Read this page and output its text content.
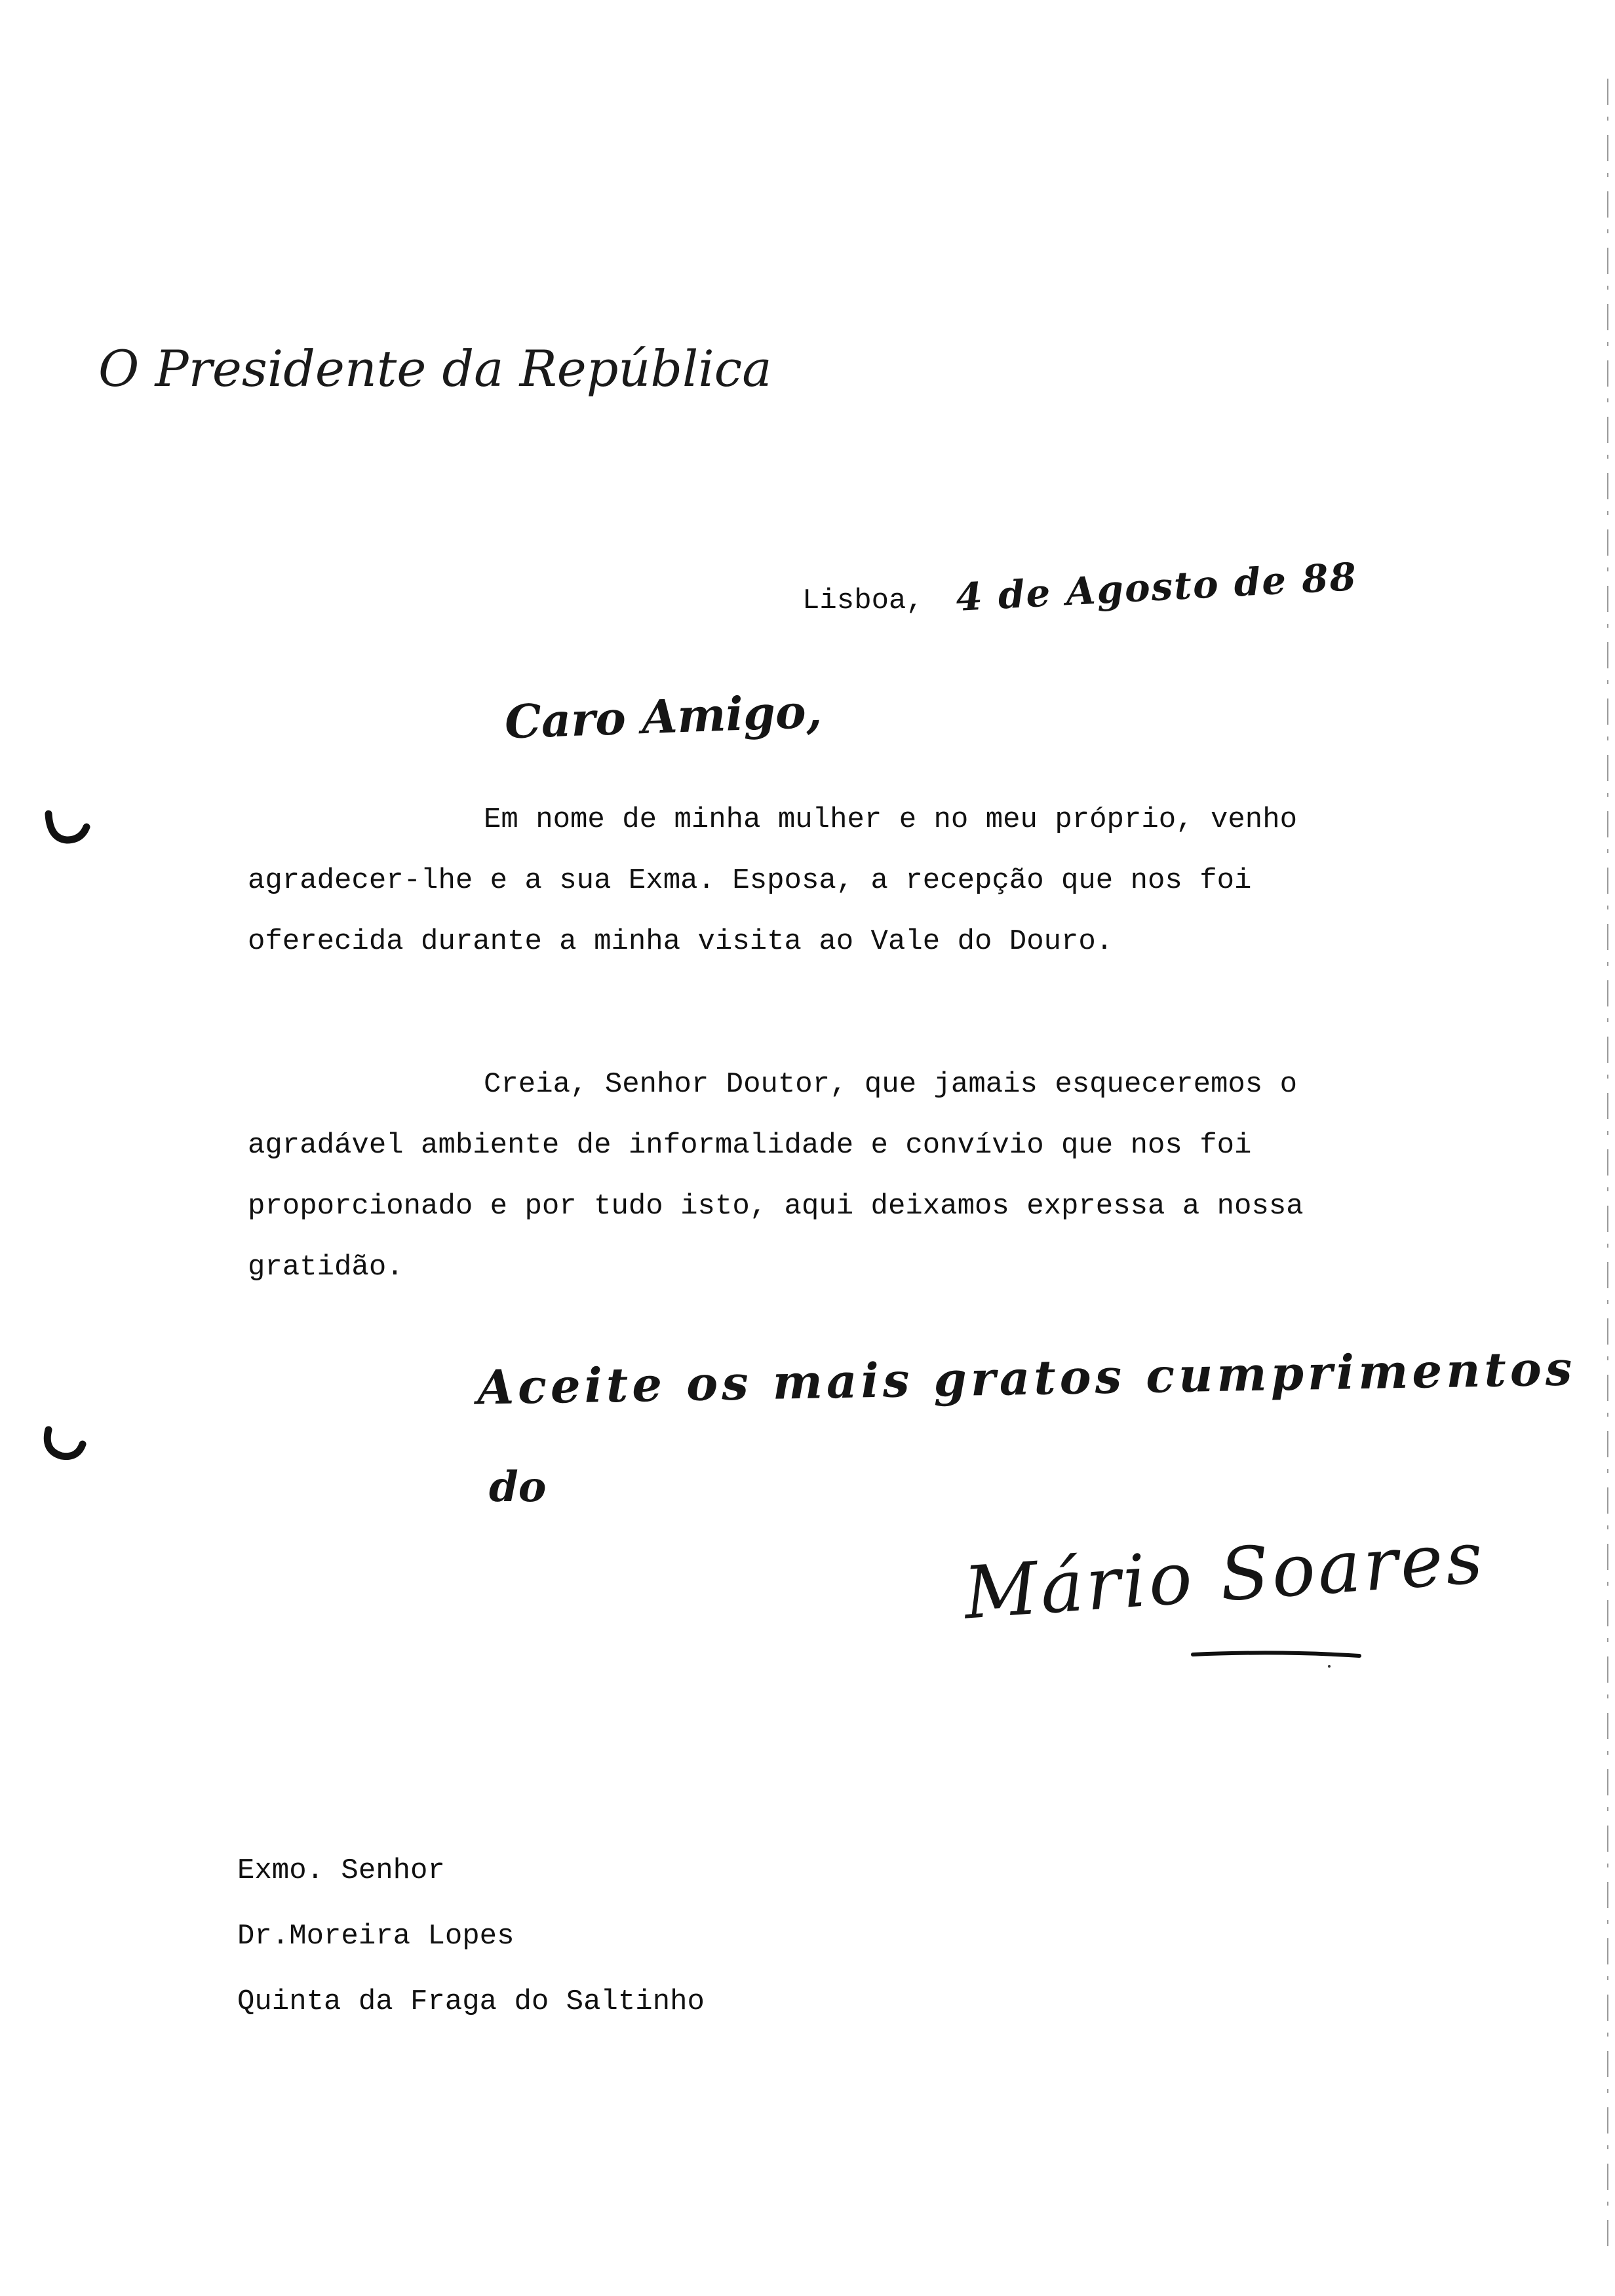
O Presidente da República
Lisboa, 4 de Agosto de 88
Caro Amigo,
Em nome de minha mulher e no meu próprio, venho
agradecer-lhe e a sua Exma. Esposa, a recepção que nos foi
oferecida durante a minha visita ao Vale do Douro.
Creia, Senhor Doutor, que jamais esqueceremos o
agradável ambiente de informalidade e convívio que nos foi
proporcionado e por tudo isto, aqui deixamos expressa a nossa
gratidão.
Aceite os mais gratos cumprimentos
do
Mário Soares
Exmo. Senhor
Dr.Moreira Lopes
Quinta da Fraga do Saltinho
